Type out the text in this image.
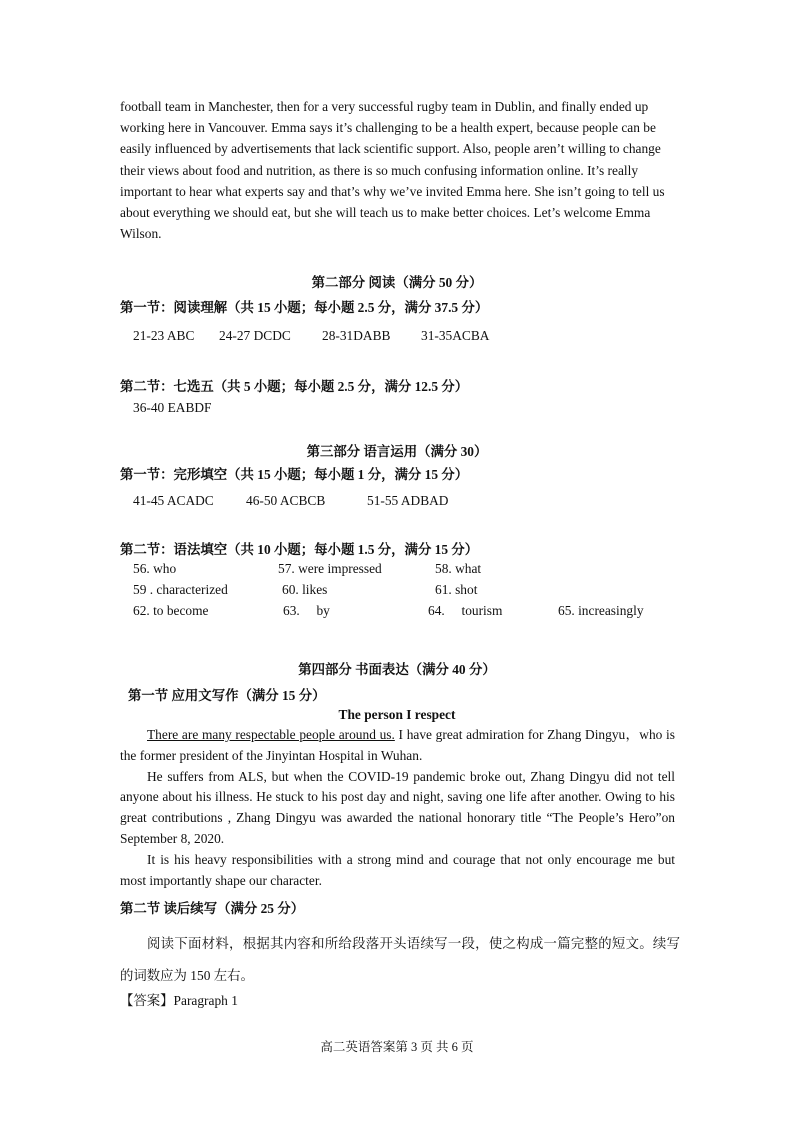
football team in Manchester, then for a very successful rugby team in Dublin, and finally ended up working here in Vancouver. Emma says it’s challenging to be a health expert, because people can be easily influenced by advertisements that lack scientific support. Also, people aren’t willing to change their views about food and nutrition, as there is so much confusing information online. It’s really important to hear what experts say and that’s why we’ve invited Emma here. She isn’t going to tell us about everything we should eat, but she will teach us to make better choices. Let’s welcome Emma Wilson.

第二部分 阅读（满分 50 分）
第一节：阅读理解（共 15 小题；每小题 2.5 分，满分 37.5 分）
21-23 ABC 24-27 DCDC 28-31DABB 31-35ACBA
第二节：七选五（共 5 小题；每小题 2.5 分，满分 12.5 分）
36-40 EABDF
第三部分 语言运用（满分 30）
第一节：完形填空（共 15 小题；每小题 1 分，满分 15 分）
41-45 ACADC 46-50 ACBCB	51-55 ADBAD
第二节：语法填空（共 10 小题；每小题 1.5 分，满分 15 分）
56. who	57. were impressed	58. what
59 . characterized	60. likes	61. shot
62. to become	63.     by	64.     tourism	65. increasingly
第四部分 书面表达（满分 40 分）
第一节 应用文写作（满分 15 分）
The person I respect

There are many respectable people around us. I have great admiration for Zhang Dingyu，who is the former president of the Jinyintan Hospital in Wuhan.

He suffers from ALS, but when the COVID-19 pandemic broke out, Zhang Dingyu did not tell anyone about his illness. He stuck to his post day and night, saving one life after another. Owing to his great contributions , Zhang Dingyu was awarded the national honorary title “The People’s Hero”on September 8, 2020.

It is his heavy responsibilities with a strong mind and courage that not only encourage me but most importantly shape our character.

第二节 读后续写（满分 25 分）
阅读下面材料，根据其内容和所给段落开头语续写一段，使之构成一篇完整的短文。续写的词数应为 150 左右。
【答案】Paragraph 1
高二英语答案第 3 页 共 6 页
